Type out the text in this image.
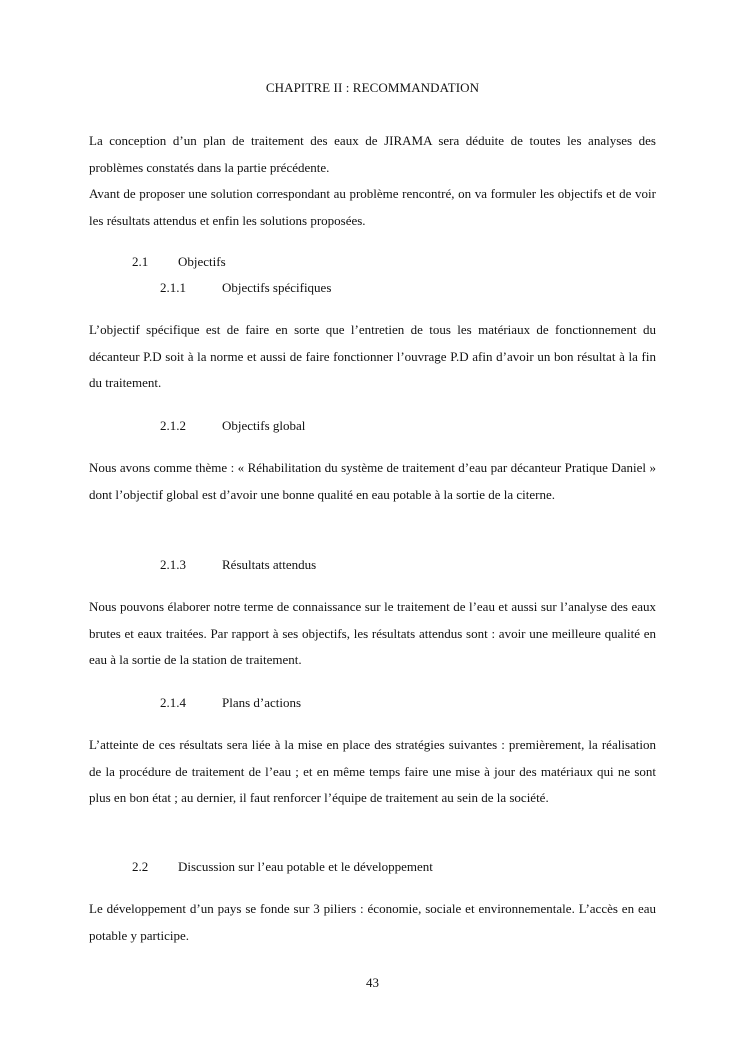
CHAPITRE II : RECOMMANDATION

La conception d’un plan de traitement des eaux de JIRAMA sera déduite de toutes les analyses des problèmes constatés dans la partie précédente.

Avant de proposer une solution correspondant au problème rencontré, on va formuler les objectifs et de voir les résultats attendus et enfin les solutions proposées.

2.1 Objectifs
2.1.1	Objectifs spécifiques

L’objectif spécifique est de faire en sorte que l’entretien de tous les matériaux de fonctionnement du décanteur P.D soit à la norme et aussi de faire fonctionner l’ouvrage P.D afin d’avoir un bon résultat à la fin du traitement.

2.1.2	Objectifs global

Nous avons comme thème : « Réhabilitation du système de traitement d’eau par décanteur Pratique Daniel » dont l’objectif global est d’avoir une bonne qualité en eau potable à la sortie de la citerne.

2.1.3	Résultats attendus

Nous pouvons élaborer notre terme de connaissance sur le traitement de l’eau et aussi sur l’analyse des eaux brutes et eaux traitées. Par rapport à ses objectifs, les résultats attendus sont : avoir une meilleure qualité en eau à la sortie de la station de traitement.

2.1.4	Plans d’actions

L’atteinte de ces résultats sera liée à la mise en place des stratégies suivantes : premièrement, la réalisation de la procédure de traitement de l’eau ; et en même temps faire une mise à jour des matériaux qui ne sont plus en bon état ; au dernier, il faut renforcer l’équipe de traitement au sein de la société.

2.2 Discussion sur l’eau potable et le développement

Le développement d’un pays se fonde sur 3 piliers : économie, sociale et environnementale. L’accès en eau potable y participe.

43
